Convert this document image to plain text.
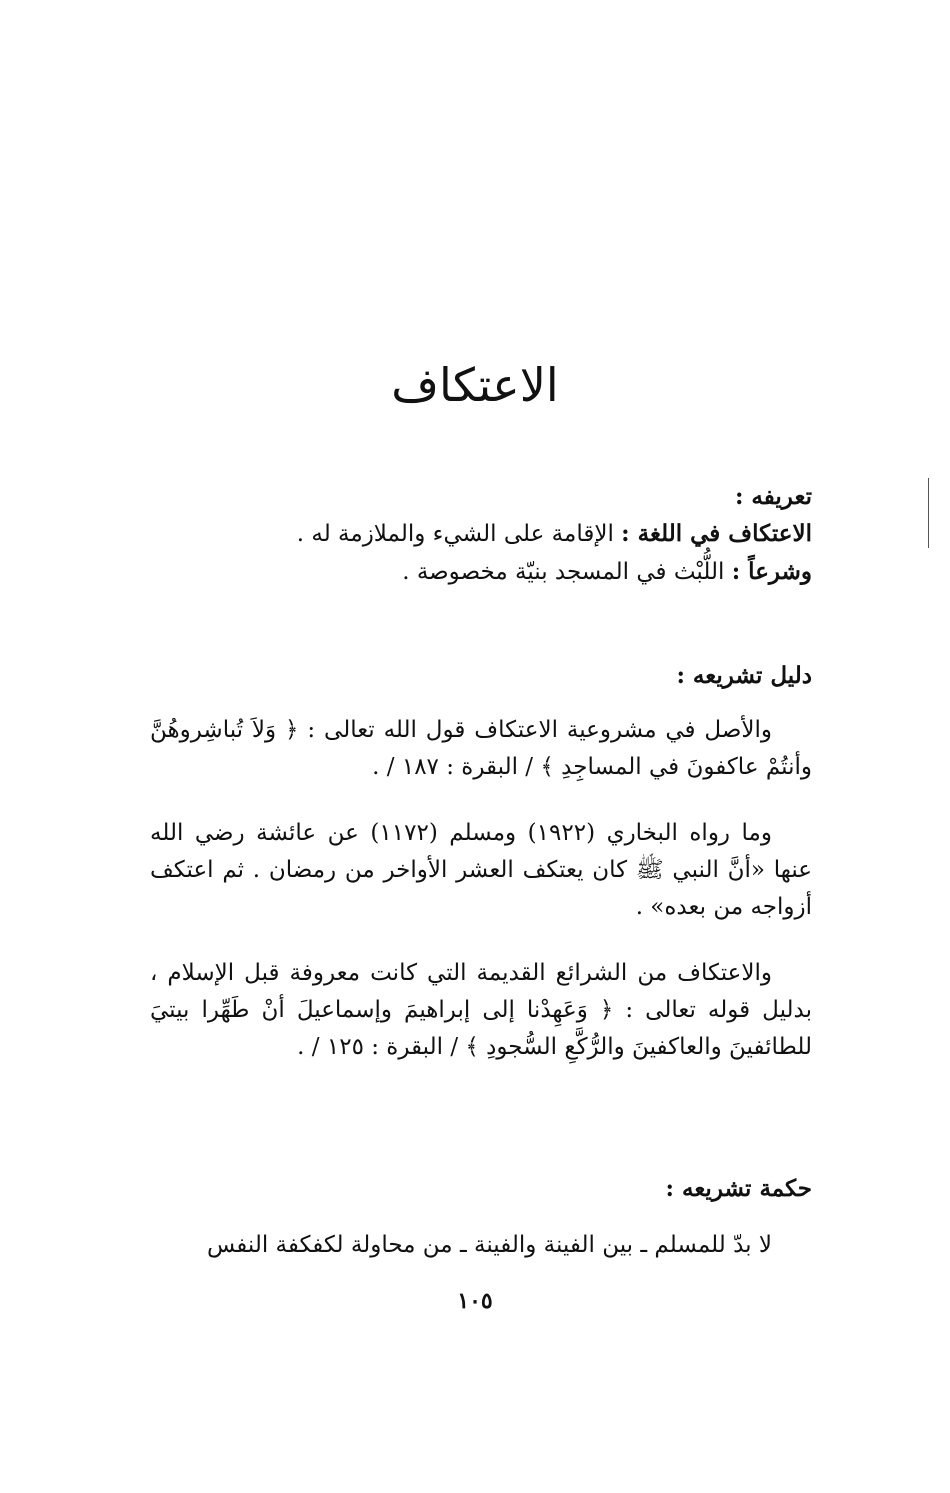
الاعتكاف

تعريفه :

الاعتكاف في اللغة : الإقامة على الشيء والملازمة له .

وشرعاً : اللُّبْث في المسجد بنيّة مخصوصة .

دليل تشريعه :

والأصل في مشروعية الاعتكاف قول الله تعالى : ﴿ وَلاَ تُباشِروهُنَّ وأنتُمْ عاكفونَ في المساجِدِ ﴾ / البقرة : ١٨٧ / .

وما رواه البخاري (١٩٢٢) ومسلم (١١٧٢) عن عائشة رضي الله عنها «أنَّ النبي ﷺ كان يعتكف العشر الأواخر من رمضان . ثم اعتكف أزواجه من بعده» .

والاعتكاف من الشرائع القديمة التي كانت معروفة قبل الإسلام ، بدليل قوله تعالى : ﴿ وَعَهِدْنا إلى إبراهيمَ وإسماعيلَ أنْ طَهِّرا بيتيَ للطائفينَ والعاكفينَ والرُّكَّعِ السُّجودِ ﴾ / البقرة : ١٢٥ / .

حكمة تشريعه :

لا بدّ للمسلم ـ بين الفينة والفينة ـ من محاولة لكفكفة النفس

١٠٥
